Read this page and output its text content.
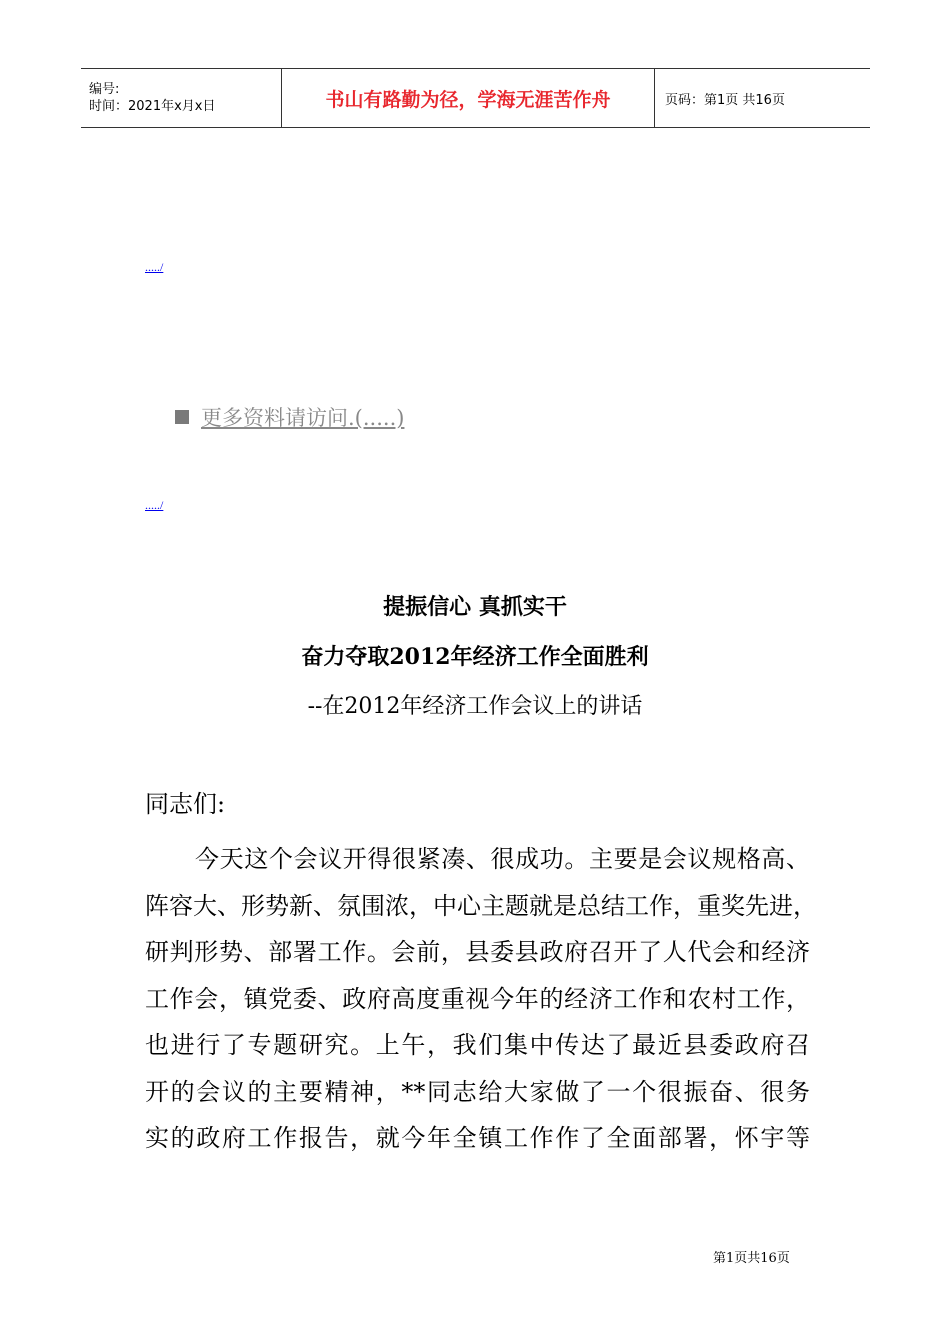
编号:
时间：2021年x月x日	书山有路勤为径，学海无涯苦作舟	页码：第1页 共16页
...../
更多资料请访问.(.....)
...../
提振信心 真抓实干
奋力夺取2012年经济工作全面胜利
--在2012年经济工作会议上的讲话
同志们:
今天这个会议开得很紧凑、很成功。主要是会议规格高、
阵容大、形势新、氛围浓，中心主题就是总结工作，重奖先进，
研判形势、部署工作。会前，县委县政府召开了人代会和经济
工作会，镇党委、政府高度重视今年的经济工作和农村工作，
也进行了专题研究。上午，我们集中传达了最近县委政府召
开的会议的主要精神，**同志给大家做了一个很振奋、很务
实的政府工作报告，就今年全镇工作作了全面部署，怀宇等
第1页共16页
